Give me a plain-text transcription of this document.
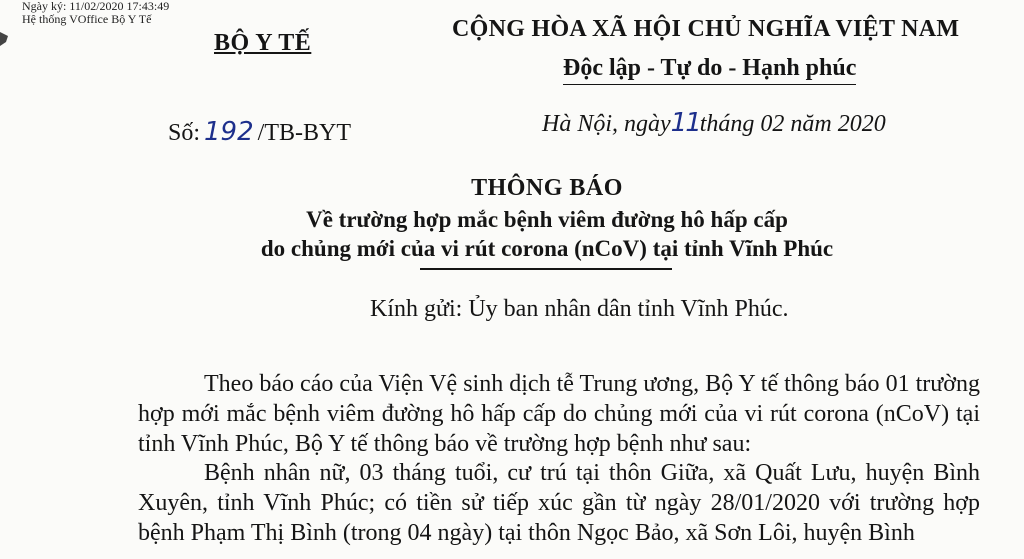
Ngày ký: 11/02/2020 17:43:49
Hệ thống VOffice Bộ Y Tế
BỘ Y TẾ
CỘNG HÒA XÃ HỘI CHỦ NGHĨA VIỆT NAM
Độc lập - Tự do - Hạnh phúc
Số: 192 /TB-BYT	Hà Nội, ngày11tháng 02 năm 2020
THÔNG BÁO
Về trường hợp mắc bệnh viêm đường hô hấp cấp
do chủng mới của vi rút corona (nCoV) tại tỉnh Vĩnh Phúc
Kính gửi: Ủy ban nhân dân tỉnh Vĩnh Phúc.
Theo báo cáo của Viện Vệ sinh dịch tễ Trung ương, Bộ Y tế thông báo 01 trường hợp mới mắc bệnh viêm đường hô hấp cấp do chủng mới của vi rút corona (nCoV) tại tỉnh Vĩnh Phúc, Bộ Y tế thông báo về trường hợp bệnh như sau:
Bệnh nhân nữ, 03 tháng tuổi, cư trú tại thôn Giữa, xã Quất Lưu, huyện Bình Xuyên, tỉnh Vĩnh Phúc; có tiền sử tiếp xúc gần từ ngày 28/01/2020 với trường hợp bệnh Phạm Thị Bình (trong 04 ngày) tại thôn Ngọc Bảo, xã Sơn Lôi, huyện Bình
